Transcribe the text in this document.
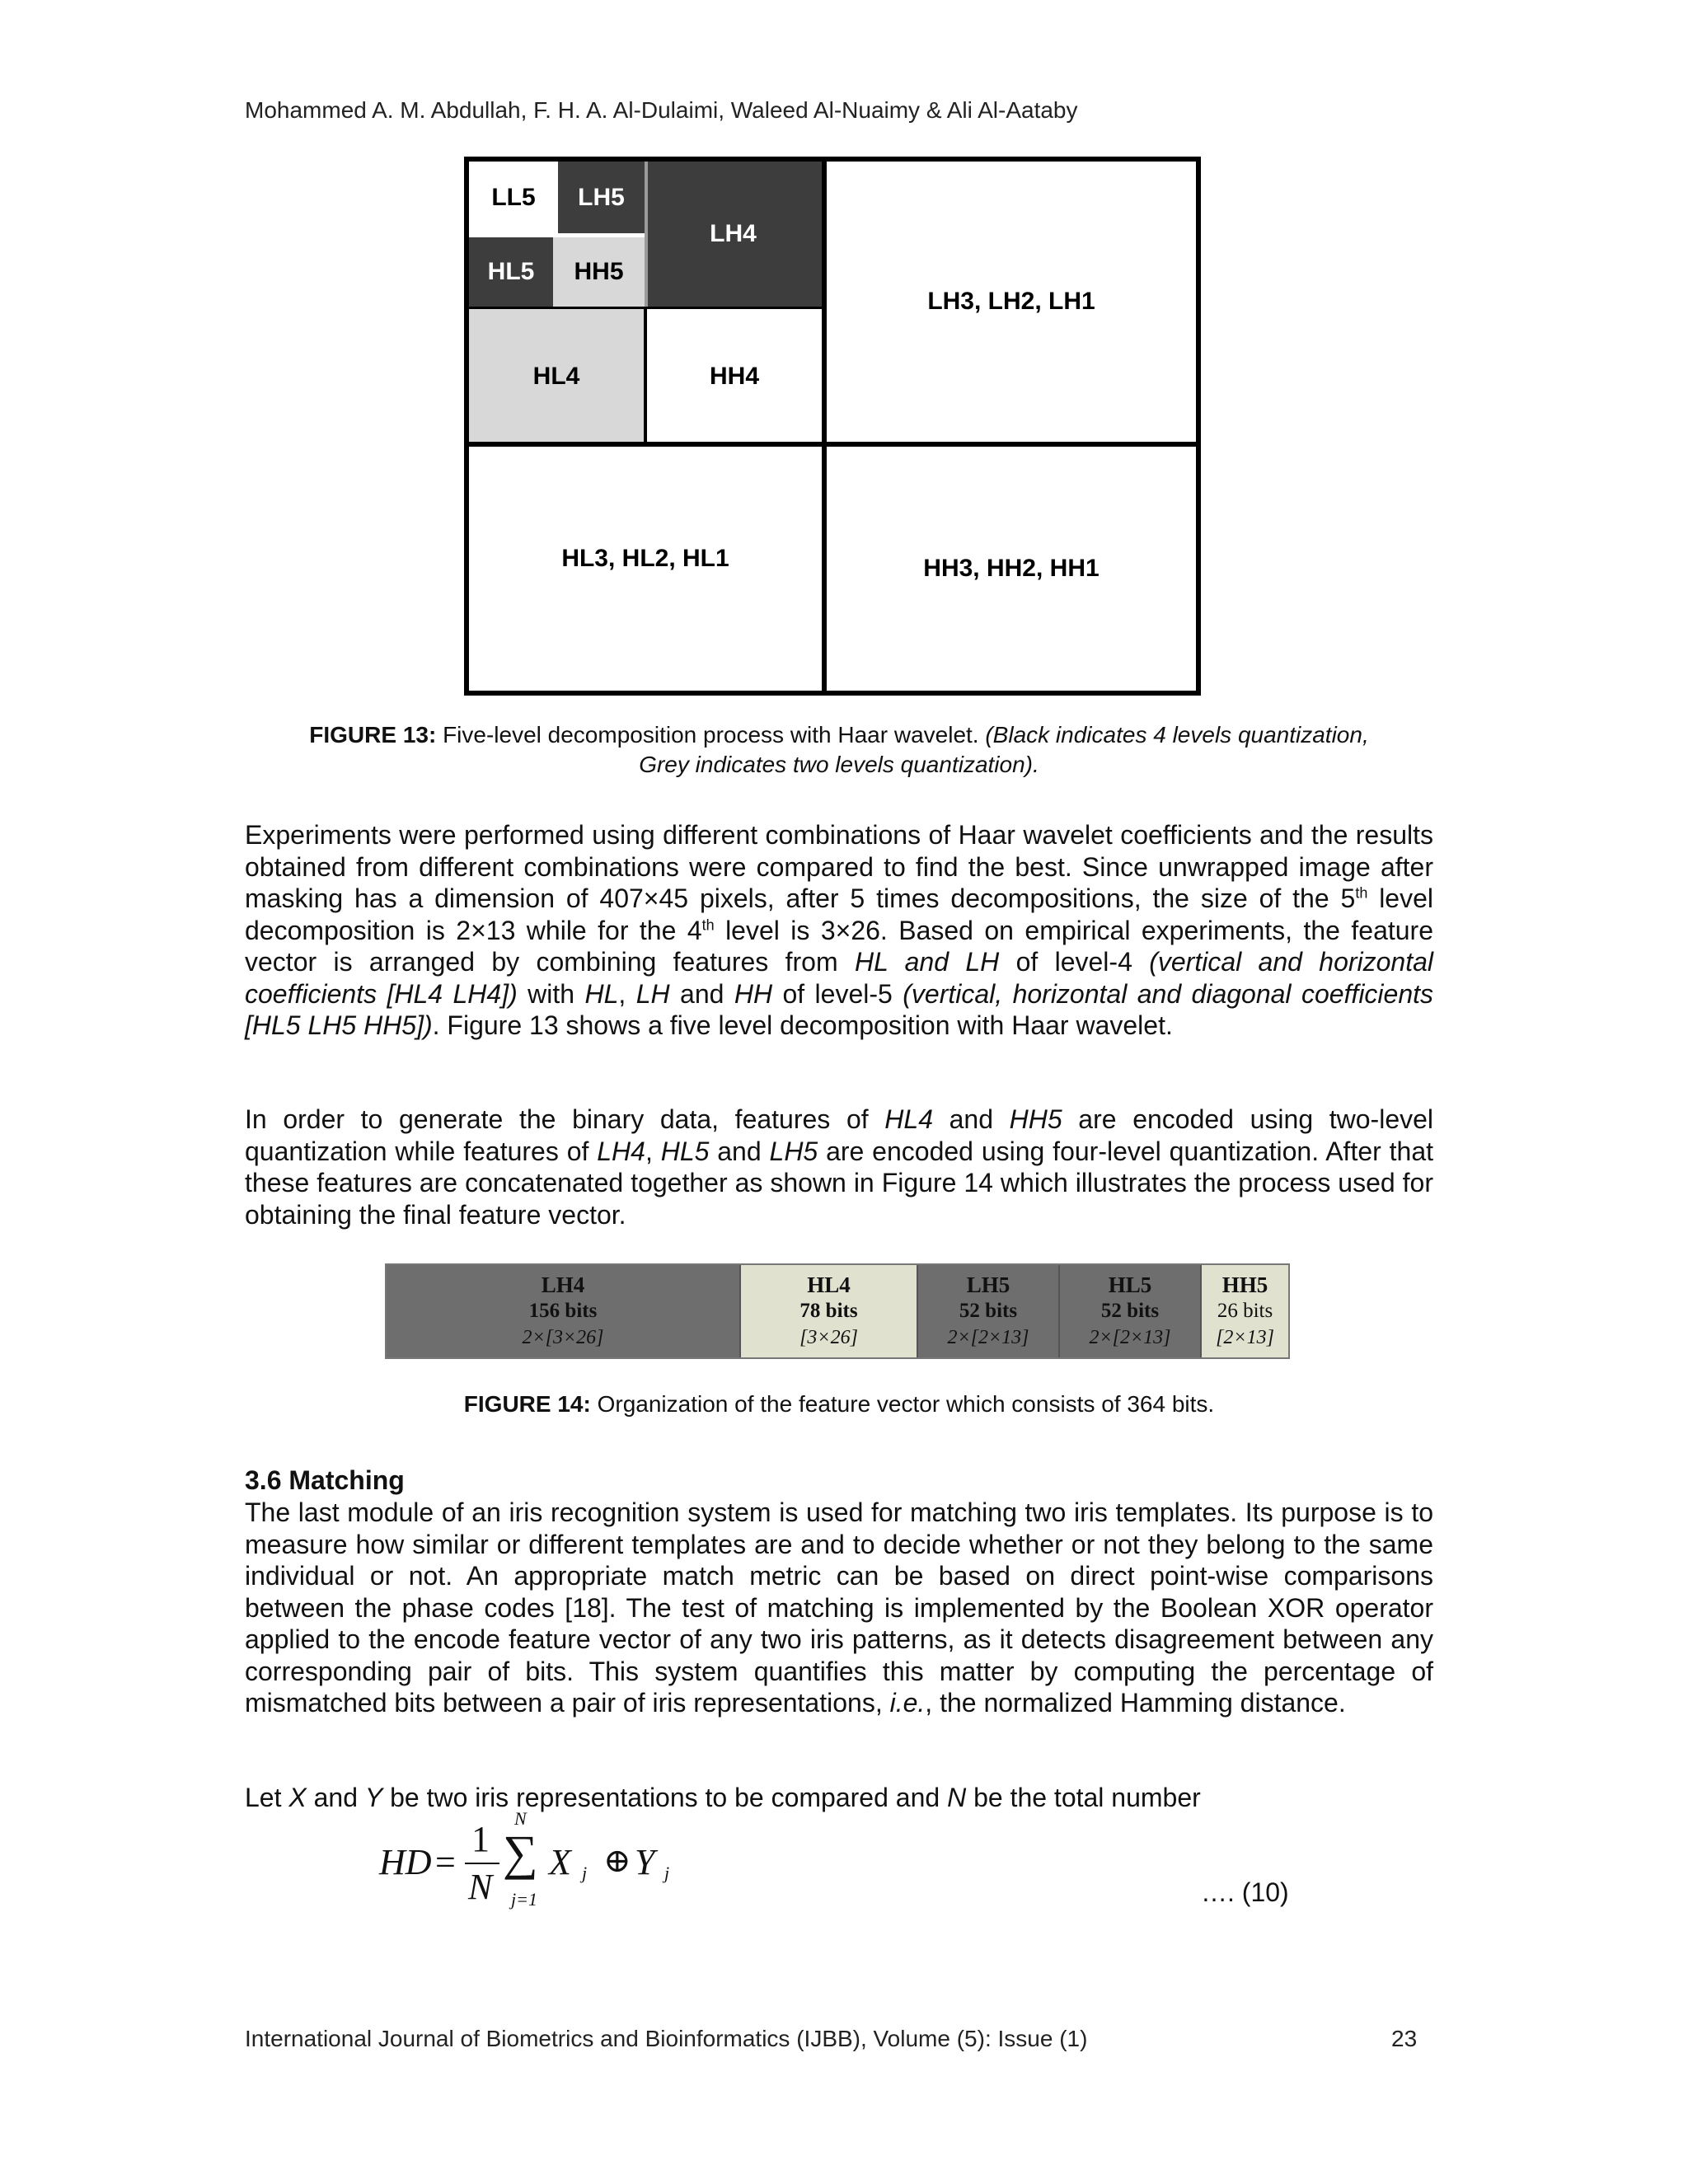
Mohammed A. M. Abdullah, F. H. A. Al-Dulaimi, Waleed Al-Nuaimy & Ali Al-Aataby
LL5	LH5
HL5	HH5
LH4
HL4	HH4
LH3, LH2, LH1
HL3, HL2, HL1	HH3, HH2, HH1
FIGURE 13: Five-level decomposition process with Haar wavelet. (Black indicates 4 levels quantization,
Grey indicates two levels quantization).
Experiments were performed using different combinations of Haar wavelet coefficients and the results obtained from different combinations were compared to find the best. Since unwrapped image after masking has a dimension of 407×45 pixels, after 5 times decompositions, the size of the 5th level decomposition is 2×13 while for the 4th level is 3×26. Based on empirical experiments, the feature vector is arranged by combining features from HL and LH of level-4 (vertical and horizontal coefficients [HL4 LH4]) with HL, LH and HH of level-5 (vertical, horizontal and diagonal coefficients [HL5 LH5 HH5]). Figure 13 shows a five level decomposition with Haar wavelet.
In order to generate the binary data, features of HL4 and HH5 are encoded using two-level quantization while features of LH4, HL5 and LH5 are encoded using four-level quantization. After that these features are concatenated together as shown in Figure 14 which illustrates the process used for obtaining the final feature vector.
LH4
156 bits
2×[3×26]
HL4
78 bits
[3×26]
LH5
52 bits
2×[2×13]
HL5
52 bits
2×[2×13]
HH5
26 bits
[2×13]
FIGURE 14: Organization of the feature vector which consists of 364 bits.
3.6 Matching
The last module of an iris recognition system is used for matching two iris templates. Its purpose is to measure how similar or different templates are and to decide whether or not they belong to the same individual or not. An appropriate match metric can be based on direct point-wise comparisons between the phase codes [18]. The test of matching is implemented by the Boolean XOR operator applied to the encode feature vector of any two iris patterns, as it detects disagreement between any corresponding pair of bits. This system quantifies this matter by computing the percentage of mismatched bits between a pair of iris representations, i.e., the normalized Hamming distance.
Let X and Y be two iris representations to be compared and N be the total number
HD =
1
N
N
∑
j=1
X j ⊕ Y j
…. (10)
International Journal of Biometrics and Bioinformatics (IJBB), Volume (5): Issue (1)	23
